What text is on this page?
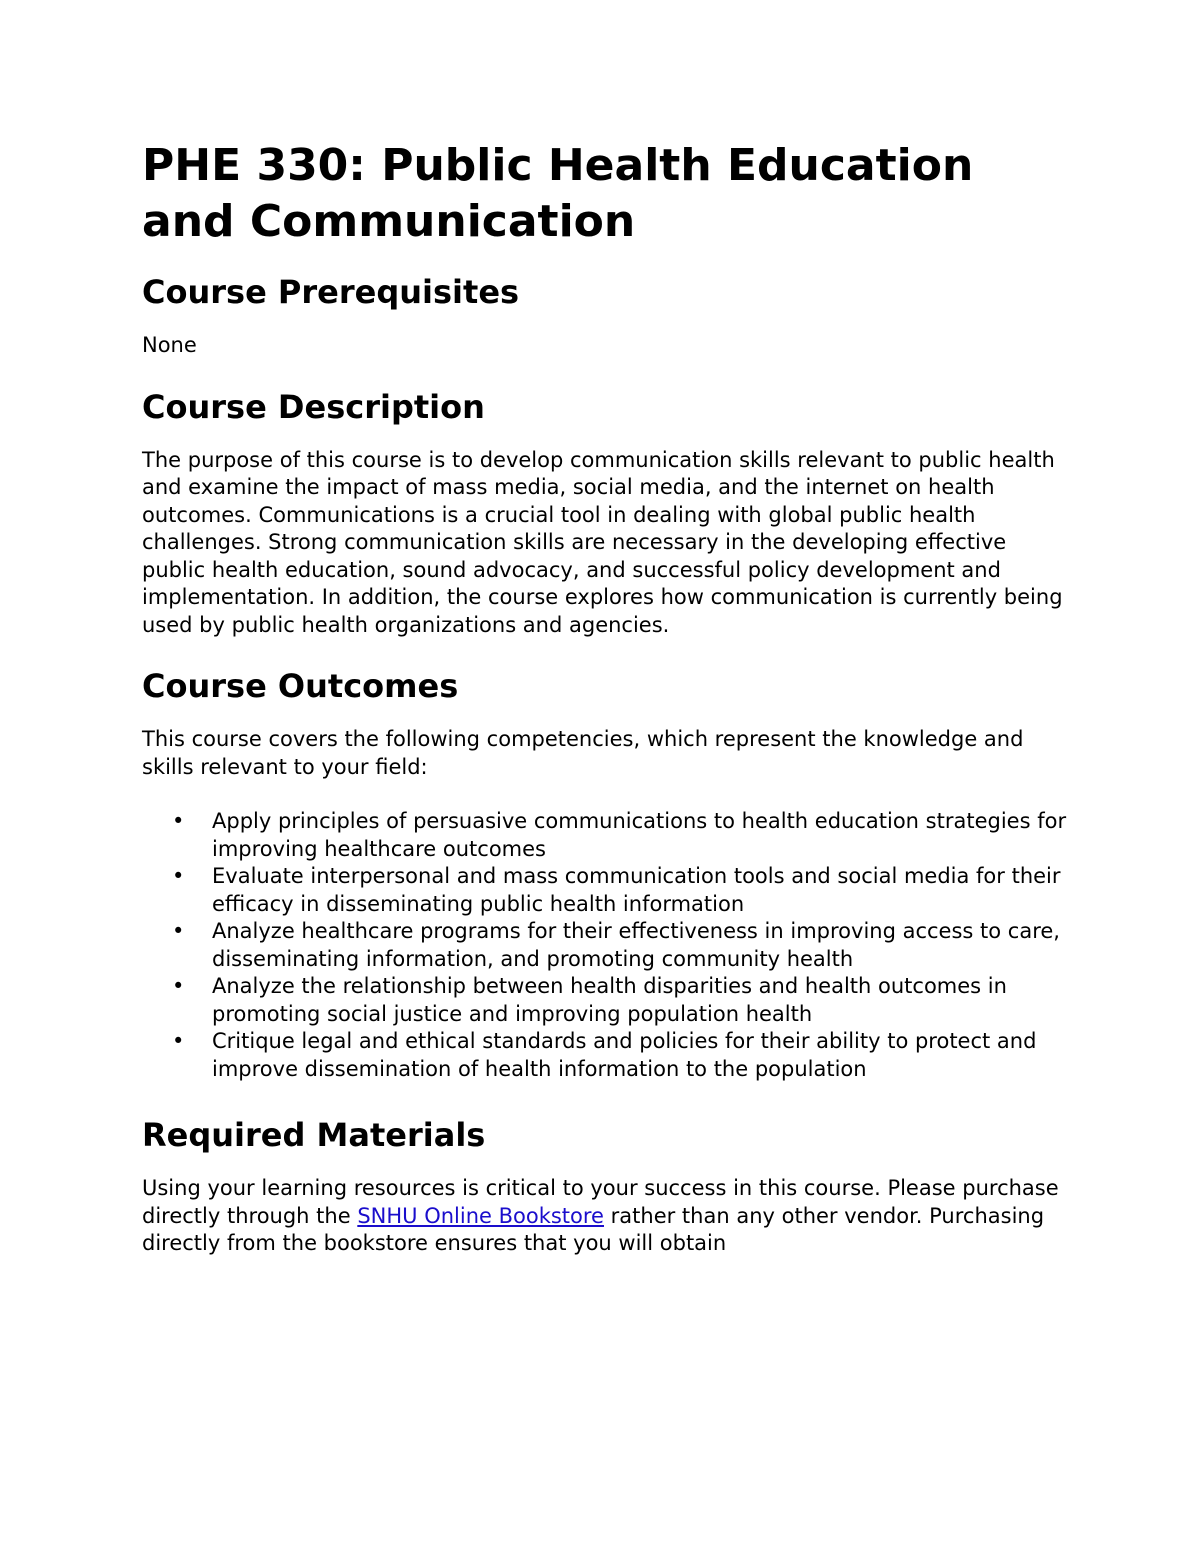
PHE 330: Public Health Education and Communication
Course Prerequisites

None

Course Description

The purpose of this course is to develop communication skills relevant to public health and examine the impact of mass media, social media, and the internet on health outcomes. Communications is a crucial tool in dealing with global public health challenges. Strong communication skills are necessary in the developing effective public health education, sound advocacy, and successful policy development and implementation. In addition, the course explores how communication is currently being used by public health organizations and agencies.

Course Outcomes

This course covers the following competencies, which represent the knowledge and skills relevant to your field:

• Apply principles of persuasive communications to health education strategies for improving healthcare outcomes
• Evaluate interpersonal and mass communication tools and social media for their efficacy in disseminating public health information
• Analyze healthcare programs for their effectiveness in improving access to care, disseminating information, and promoting community health
• Analyze the relationship between health disparities and health outcomes in promoting social justice and improving population health
• Critique legal and ethical standards and policies for their ability to protect and improve dissemination of health information to the population
Required Materials

Using your learning resources is critical to your success in this course. Please purchase directly through the SNHU Online Bookstore rather than any other vendor. Purchasing directly from the bookstore ensures that you will obtain
